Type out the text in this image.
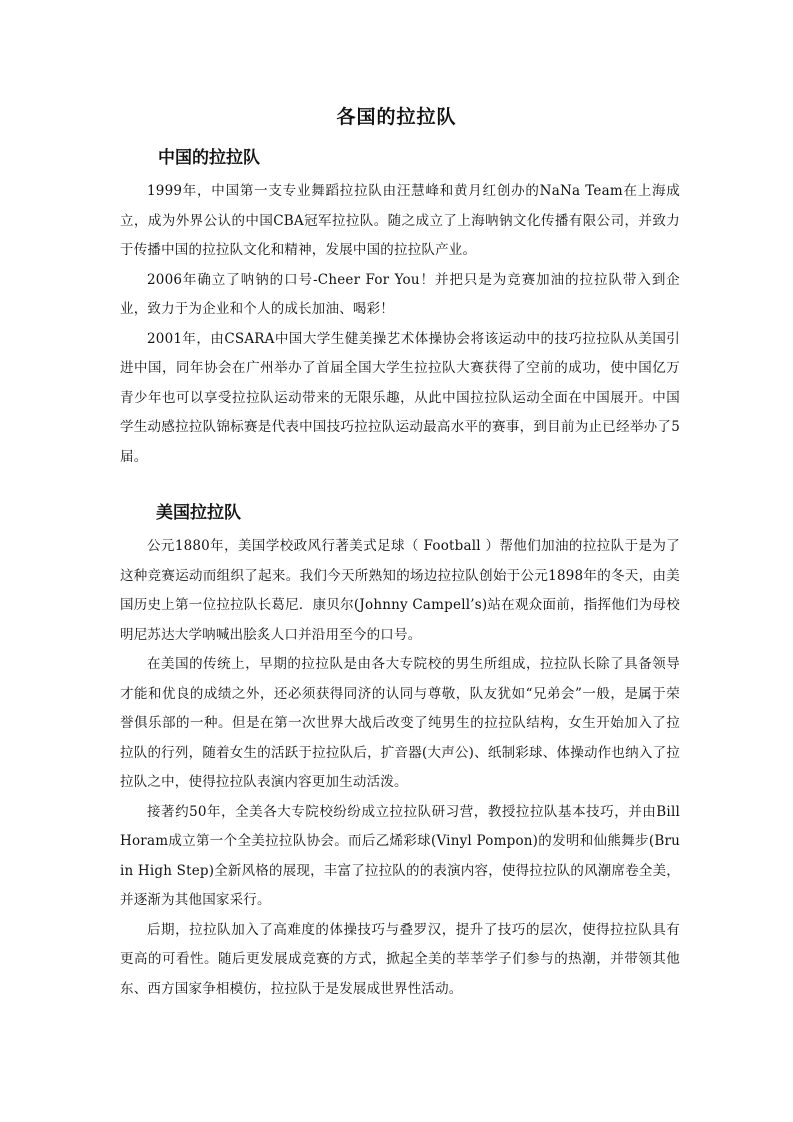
各国的拉拉队
中国的拉拉队

1999年，中国第一支专业舞蹈拉拉队由汪慧峰和黄月红创办的NaNa Team在上海成立，成为外界公认的中国CBA冠军拉拉队。随之成立了上海呐钠文化传播有限公司，并致力于传播中国的拉拉队文化和精神，发展中国的拉拉队产业。

2006年确立了呐钠的口号-Cheer For You！并把只是为竞赛加油的拉拉队带入到企业，致力于为企业和个人的成长加油、喝彩！

2001年，由CSARA中国大学生健美操艺术体操协会将该运动中的技巧拉拉队从美国引进中国，同年协会在广州举办了首届全国大学生拉拉队大赛获得了空前的成功，使中国亿万青少年也可以享受拉拉队运动带来的无限乐趣，从此中国拉拉队运动全面在中国展开。中国学生动感拉拉队锦标赛是代表中国技巧拉拉队运动最高水平的赛事，到目前为止已经举办了5届。

美国拉拉队

公元1880年，美国学校政风行著美式足球（ Football ）帮他们加油的拉拉队于是为了这种竞赛运动而组织了起来。我们今天所熟知的场边拉拉队创始于公元1898年的冬天，由美国历史上第一位拉拉队长葛尼．康贝尔(Johnny Campell’s)站在观众面前，指挥他们为母校明尼苏达大学呐喊出脍炙人口并沿用至今的口号。

在美国的传统上，早期的拉拉队是由各大专院校的男生所组成，拉拉队长除了具备领导才能和优良的成绩之外，还必须获得同济的认同与尊敬，队友犹如“兄弟会”一般，是属于荣誉俱乐部的一种。但是在第一次世界大战后改变了纯男生的拉拉队结构，女生开始加入了拉拉队的行列，随着女生的活跃于拉拉队后，扩音器(大声公)、纸制彩球、体操动作也纳入了拉拉队之中，使得拉拉队表演内容更加生动活泼。

接著约50年，全美各大专院校纷纷成立拉拉队研习营，教授拉拉队基本技巧，并由Bill Horam成立第一个全美拉拉队协会。而后乙烯彩球(Vinyl Pompon)的发明和仙熊舞步(Bruin High Step)全新风格的展现，丰富了拉拉队的的表演内容，使得拉拉队的风潮席卷全美，并逐渐为其他国家采行。

后期，拉拉队加入了高难度的体操技巧与叠罗汉，提升了技巧的层次，使得拉拉队具有更高的可看性。随后更发展成竞赛的方式，掀起全美的莘莘学子们参与的热潮，并带领其他东、西方国家争相模仿，拉拉队于是发展成世界性活动。
